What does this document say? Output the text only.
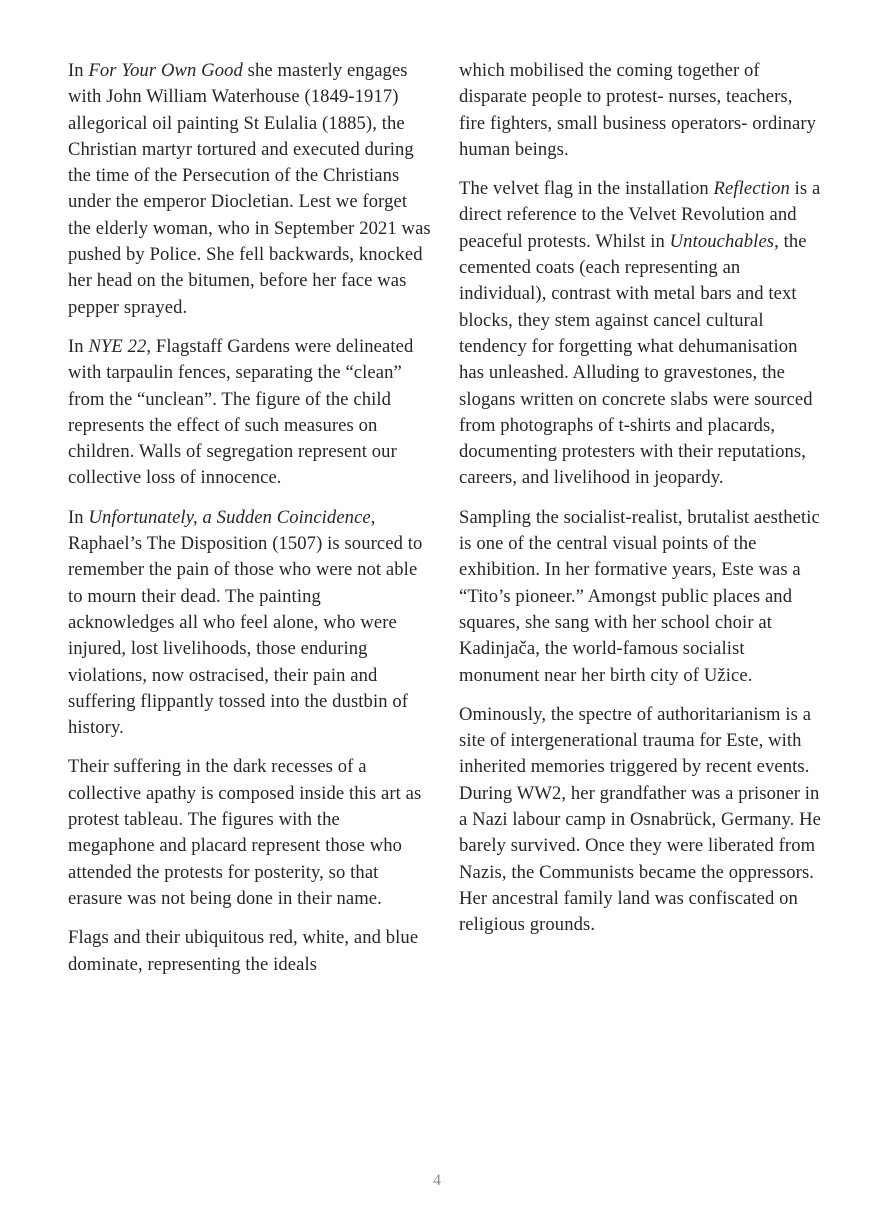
In For Your Own Good she masterly engages with John William Waterhouse (1849-1917) allegorical oil painting St Eulalia (1885), the Christian martyr tortured and executed during the time of the Persecution of the Christians under the emperor Diocletian. Lest we forget the elderly woman, who in September 2021 was pushed by Police. She fell backwards, knocked her head on the bitumen, before her face was pepper sprayed.

In NYE 22, Flagstaff Gardens were delineated with tarpaulin fences, separating the “clean” from the “unclean”. The figure of the child represents the effect of such measures on children. Walls of segregation represent our collective loss of innocence.

In Unfortunately, a Sudden Coincidence, Raphael’s The Disposition (1507) is sourced to remember the pain of those who were not able to mourn their dead. The painting acknowledges all who feel alone, who were injured, lost livelihoods, those enduring violations, now ostracised, their pain and suffering flippantly tossed into the dustbin of history.

Their suffering in the dark recesses of a collective apathy is composed inside this art as protest tableau. The figures with the megaphone and placard represent those who attended the protests for posterity, so that erasure was not being done in their name.

Flags and their ubiquitous red, white, and blue dominate, representing the ideals

which mobilised the coming together of disparate people to protest- nurses, teachers, fire fighters, small business operators- ordinary human beings.

The velvet flag in the installation Reflection is a direct reference to the Velvet Revolution and peaceful protests. Whilst in Untouchables, the cemented coats (each representing an individual), contrast with metal bars and text blocks, they stem against cancel cultural tendency for forgetting what dehumanisation has unleashed. Alluding to gravestones, the slogans written on concrete slabs were sourced from photographs of t-shirts and placards, documenting protesters with their reputations, careers, and livelihood in jeopardy.

Sampling the socialist-realist, brutalist aesthetic is one of the central visual points of the exhibition. In her formative years, Este was a “Tito’s pioneer.” Amongst public places and squares, she sang with her school choir at Kadinjača, the world-famous socialist monument near her birth city of Užice.

Ominously, the spectre of authoritarianism is a site of intergenerational trauma for Este, with inherited memories triggered by recent events. During WW2, her grandfather was a prisoner in a Nazi labour camp in Osnabrück, Germany. He barely survived. Once they were liberated from Nazis, the Communists became the oppressors. Her ancestral family land was confiscated on religious grounds.

4
